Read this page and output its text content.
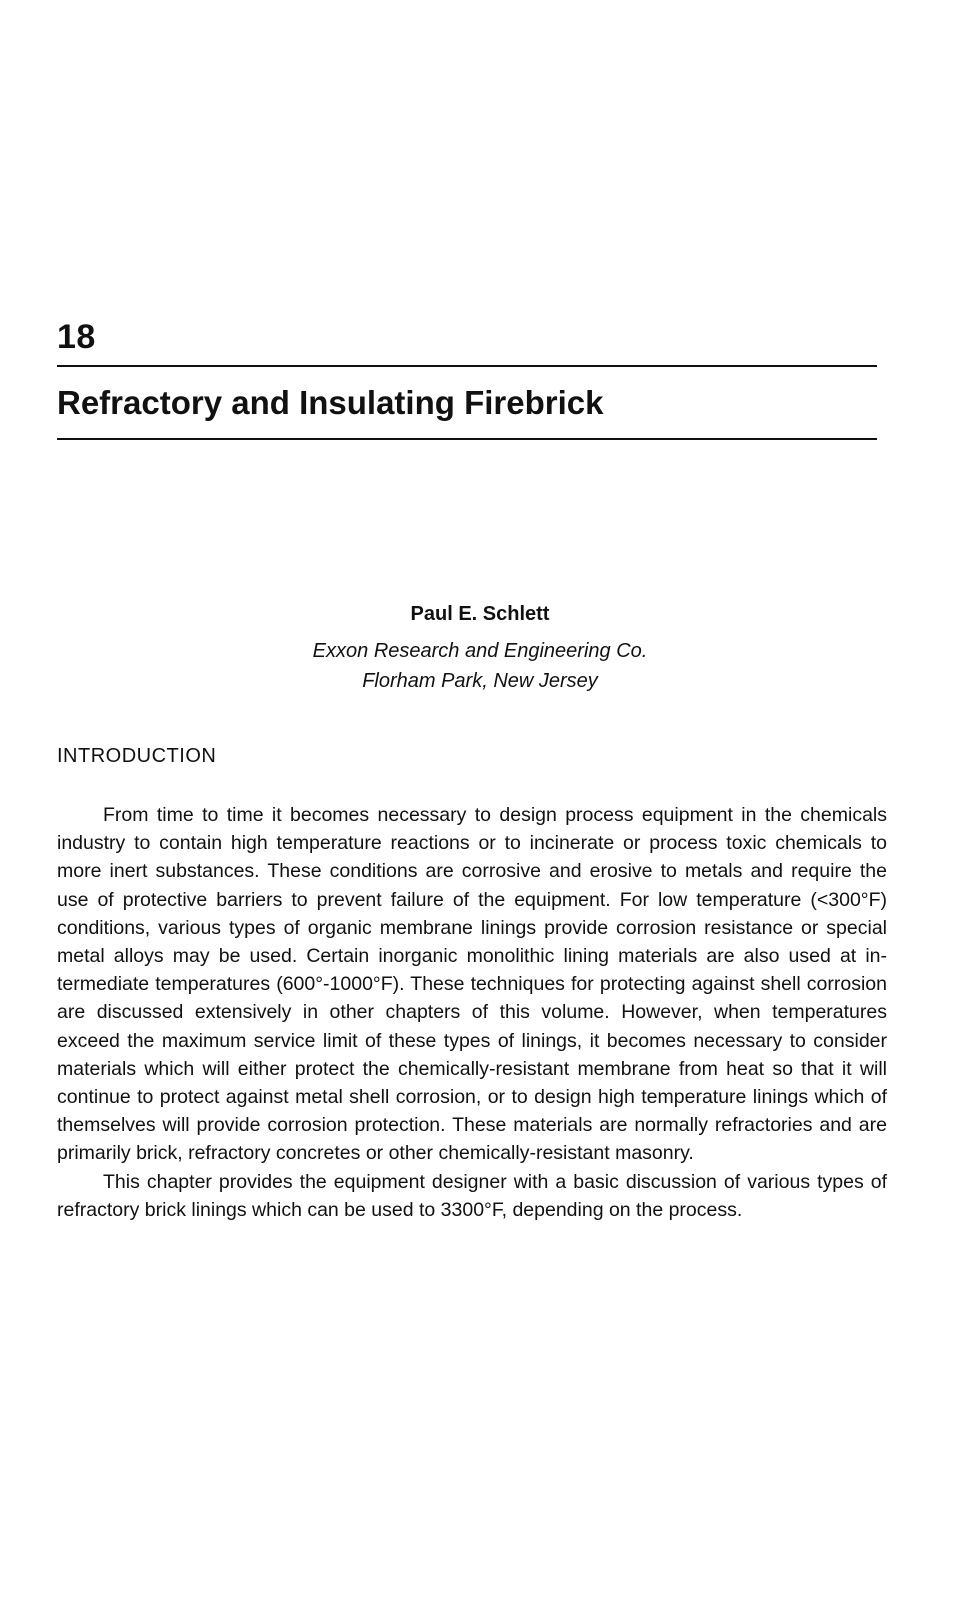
18
Refractory and Insulating Firebrick
Paul E. Schlett
Exxon Research and Engineering Co.
Florham Park, New Jersey
INTRODUCTION

From time to time it becomes necessary to design process equipment in the chemicals industry to contain high temperature reactions or to incinerate or process toxic chemicals to more inert substances. These conditions are corrosive and erosive to metals and require the use of protective barriers to prevent failure of the equipment. For low temperature (<300°F) conditions, various types of organic membrane linings provide corrosion resistance or special metal alloys may be used. Certain inorganic monolithic lining materials are also used at intermediate temperatures (600°-1000°F). These techniques for protecting against shell corrosion are discussed extensively in other chapters of this volume. However, when temperatures exceed the maximum service limit of these types of linings, it becomes necessary to consider materials which will either protect the chemically-resistant membrane from heat so that it will continue to protect against metal shell corrosion, or to design high temperature linings which of themselves will provide corrosion protection. These materials are normally refractories and are primarily brick, refractory concretes or other chemically-resistant masonry.

This chapter provides the equipment designer with a basic discussion of various types of refractory brick linings which can be used to 3300°F, depending on the process.
